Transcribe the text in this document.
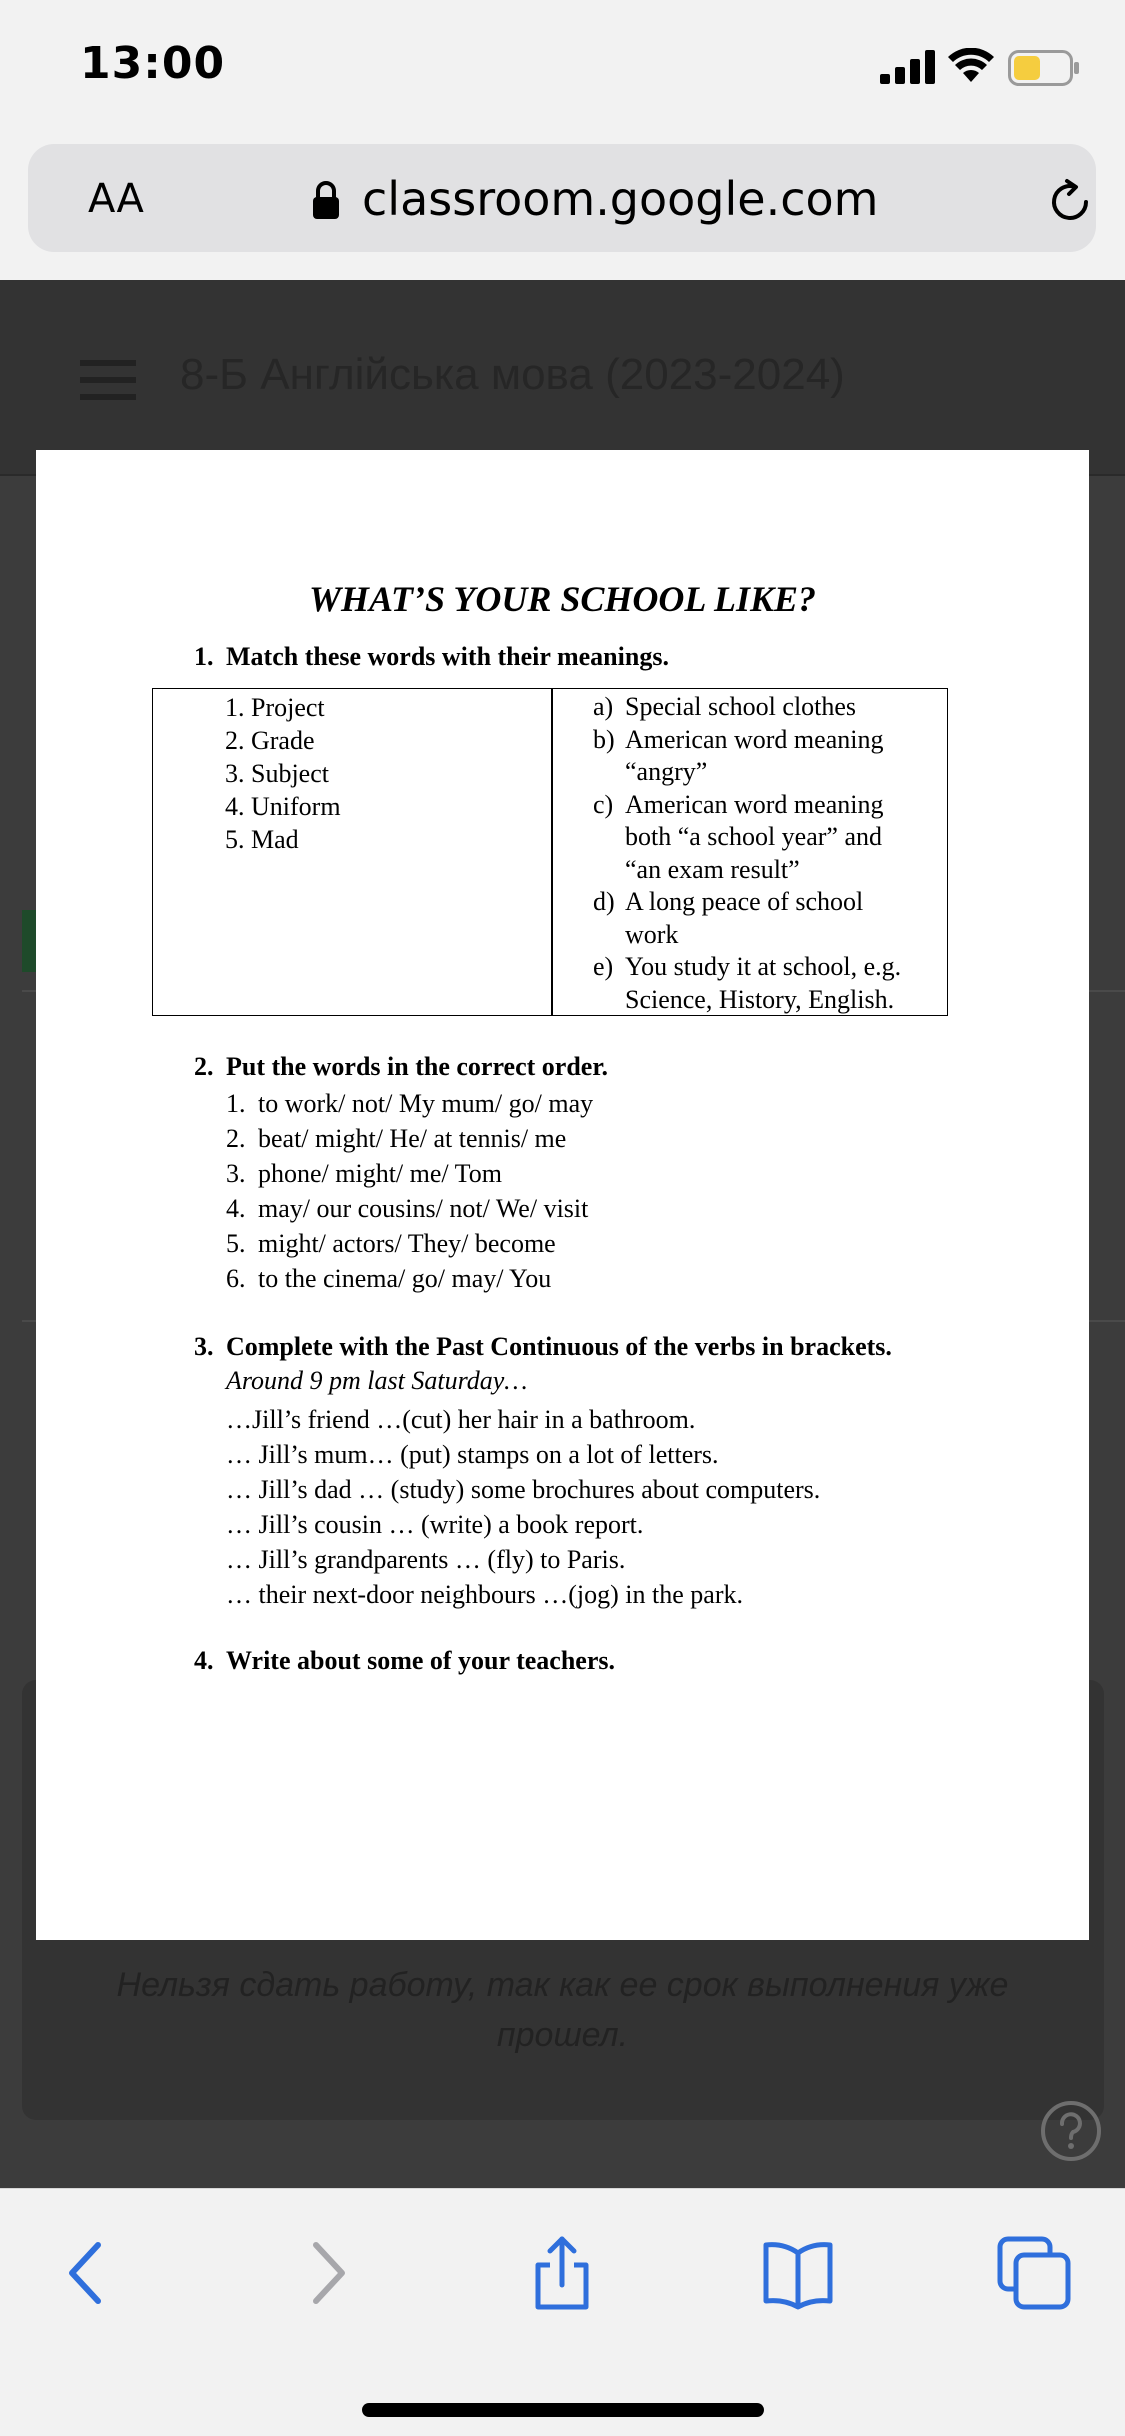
13:00
AA	classroom.google.com
8-Б Англійська мова (2023-2024)
Нельзя сдать работу, так как ее срок выполнения уже прошел.
WHAT’S YOUR SCHOOL LIKE?
1. Match these words with their meanings.
1. Project
2. Grade
3. Subject
4. Uniform
5. Mad
a) Special school clothes
b) American word meaning
“angry”
c) American word meaning
both “a school year” and
“an exam result”
d) A long peace of school
work
e) You study it at school, e.g.
Science, History, English.
2. Put the words in the correct order.
1. to work/ not/ My mum/ go/ may
2. beat/ might/ He/ at tennis/ me
3. phone/ might/ me/ Tom
4. may/ our cousins/ not/ We/ visit
5. might/ actors/ They/ become
6. to the cinema/ go/ may/ You
3. Complete with the Past Continuous of the verbs in brackets.
Around 9 pm last Saturday…
…Jill’s friend …(cut) her hair in a bathroom.
… Jill’s mum… (put) stamps on a lot of letters.
… Jill’s dad … (study) some brochures about computers.
… Jill’s cousin … (write) a book report.
… Jill’s grandparents … (fly) to Paris.
… their next-door neighbours …(jog) in the park.
4. Write about some of your teachers.
